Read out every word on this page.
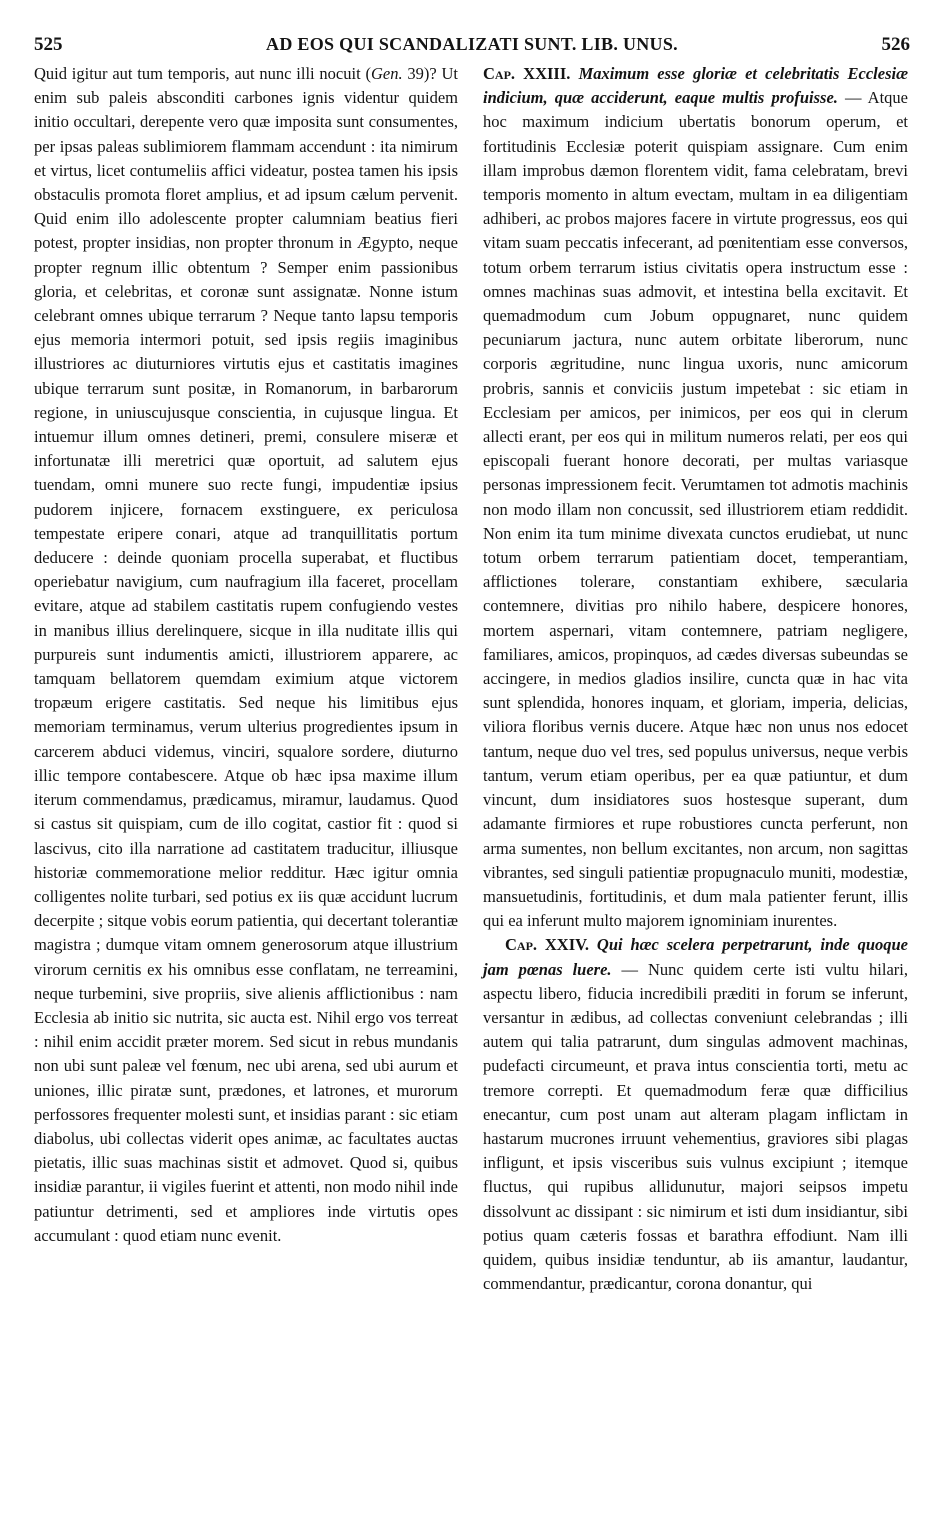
525	AD EOS QUI SCANDALIZATI SUNT. LIB. UNUS.	526

Quid igitur aut tum temporis, aut nunc illi nocuit (Gen. 39)? Ut enim sub paleis absconditi carbones ignis videntur quidem initio occultari, derepente vero quæ imposita sunt consumentes, per ipsas paleas sublimiorem flammam accendunt : ita nimirum et virtus, licet contumeliis affici videatur, postea tamen his ipsis obstaculis promota floret amplius, et ad ipsum cælum pervenit. Quid enim illo adolescente propter calumniam beatius fieri potest, propter insidias, non propter thronum in Ægypto, neque propter regnum illic obtentum ? Semper enim passionibus gloria, et celebritas, et coronæ sunt assignatæ. Nonne istum celebrant omnes ubique terrarum ? Neque tanto lapsu temporis ejus memoria intermori potuit, sed ipsis regiis imaginibus illustriores ac diuturniores virtutis ejus et castitatis imagines ubique terrarum sunt positæ, in Romanorum, in barbarorum regione, in uniuscujusque conscientia, in cujusque lingua. Et intuemur illum omnes detineri, premi, consulere miseræ et infortunatæ illi meretrici quæ oportuit, ad salutem ejus tuendam, omni munere suo recte fungi, impudentiæ ipsius pudorem injicere, fornacem exstinguere, ex periculosa tempestate eripere conari, atque ad tranquillitatis portum deducere : deinde quoniam procella superabat, et fluctibus operiebatur navigium, cum naufragium illa faceret, procellam evitare, atque ad stabilem castitatis rupem confugiendo vestes in manibus illius derelinquere, sicque in illa nuditate illis qui purpureis sunt indumentis amicti, illustriorem apparere, ac tamquam bellatorem quemdam eximium atque victorem tropæum erigere castitatis. Sed neque his limitibus ejus memoriam terminamus, verum ulterius progredientes ipsum in carcerem abduci videmus, vinciri, squalore sordere, diuturno illic tempore contabescere. Atque ob hæc ipsa maxime illum iterum commendamus, prædicamus, miramur, laudamus. Quod si castus sit quispiam, cum de illo cogitat, castior fit : quod si lascivus, cito illa narratione ad castitatem traducitur, illiusque historiæ commemoratione melior redditur. Hæc igitur omnia colligentes nolite turbari, sed potius ex iis quæ accidunt lucrum decerpite ; sitque vobis eorum patientia, qui decertant tolerantiæ magistra ; dumque vitam omnem generosorum atque illustrium virorum cernitis ex his omnibus esse conflatam, ne terreamini, neque turbemini, sive propriis, sive alienis afflictionibus : nam Ecclesia ab initio sic nutrita, sic aucta est. Nihil ergo vos terreat : nihil enim accidit præter morem. Sed sicut in rebus mundanis non ubi sunt paleæ vel fœnum, nec ubi arena, sed ubi aurum et uniones, illic piratæ sunt, prædones, et latrones, et murorum perfossores frequenter molesti sunt, et insidias parant : sic etiam diabolus, ubi collectas viderit opes animæ, ac facultates auctas pietatis, illic suas machinas sistit et admovet. Quod si, quibus insidiæ parantur, ii vigiles fuerint et attenti, non modo nihil inde patiuntur detrimenti, sed et ampliores inde virtutis opes accumulant : quod etiam nunc evenit.

Cap. XXIII. Maximum esse gloriæ et celebritatis Ecclesiæ indicium, quæ acciderunt, eaque multis profuisse. — Atque hoc maximum indicium ubertatis bonorum operum, et fortitudinis Ecclesiæ poterit quispiam assignare. Cum enim illam improbus dæmon florentem vidit, fama celebratam, brevi temporis momento in altum evectam, multam in ea diligentiam adhiberi, ac probos majores facere in virtute progressus, eos qui vitam suam peccatis infecerant, ad pœnitentiam esse conversos, totum orbem terrarum istius civitatis opera instructum esse : omnes machinas suas admovit, et intestina bella excitavit. Et quemadmodum cum Jobum oppugnaret, nunc quidem pecuniarum jactura, nunc autem orbitate liberorum, nunc corporis ægritudine, nunc lingua uxoris, nunc amicorum probris, sannis et conviciis justum impetebat : sic etiam in Ecclesiam per amicos, per inimicos, per eos qui in clerum allecti erant, per eos qui in militum numeros relati, per eos qui episcopali fuerant honore decorati, per multas variasque personas impressionem fecit. Verumtamen tot admotis machinis non modo illam non concussit, sed illustriorem etiam reddidit. Non enim ita tum minime divexata cunctos erudiebat, ut nunc totum orbem terrarum patientiam docet, temperantiam, afflictiones tolerare, constantiam exhibere, sæcularia contemnere, divitias pro nihilo habere, despicere honores, mortem aspernari, vitam contemnere, patriam negligere, familiares, amicos, propinquos, ad cædes diversas subeundas se accingere, in medios gladios insilire, cuncta quæ in hac vita sunt splendida, honores inquam, et gloriam, imperia, delicias, viliora floribus vernis ducere. Atque hæc non unus nos edocet tantum, neque duo vel tres, sed populus universus, neque verbis tantum, verum etiam operibus, per ea quæ patiuntur, et dum vincunt, dum insidiatores suos hostesque superant, dum adamante firmiores et rupe robustiores cuncta perferunt, non arma sumentes, non bellum excitantes, non arcum, non sagittas vibrantes, sed singuli patientiæ propugnaculo muniti, modestiæ, mansuetudinis, fortitudinis, et dum mala patienter ferunt, illis qui ea inferunt multo majorem ignominiam inurentes.

Cap. XXIV. Qui hæc scelera perpetrarunt, inde quoque jam pœnas luere. — Nunc quidem certe isti vultu hilari, aspectu libero, fiducia incredibili præditi in forum se inferunt, versantur in ædibus, ad collectas conveniunt celebrandas ; illi autem qui talia patrarunt, dum singulas admovent machinas, pudefacti circumeunt, et prava intus conscientia torti, metu ac tremore correpti. Et quemadmodum feræ quæ difficilius enecantur, cum post unam aut alteram plagam inflictam in hastarum mucrones irruunt vehementius, graviores sibi plagas infligunt, et ipsis visceribus suis vulnus excipiunt ; itemque fluctus, qui rupibus allidunutur, majori seipsos impetu dissolvunt ac dissipant : sic nimirum et isti dum insidiantur, sibi potius quam cæteris fossas et barathra effodiunt. Nam illi quidem, quibus insidiæ tenduntur, ab iis amantur, laudantur, commendantur, prædicantur, corona donantur, qui
